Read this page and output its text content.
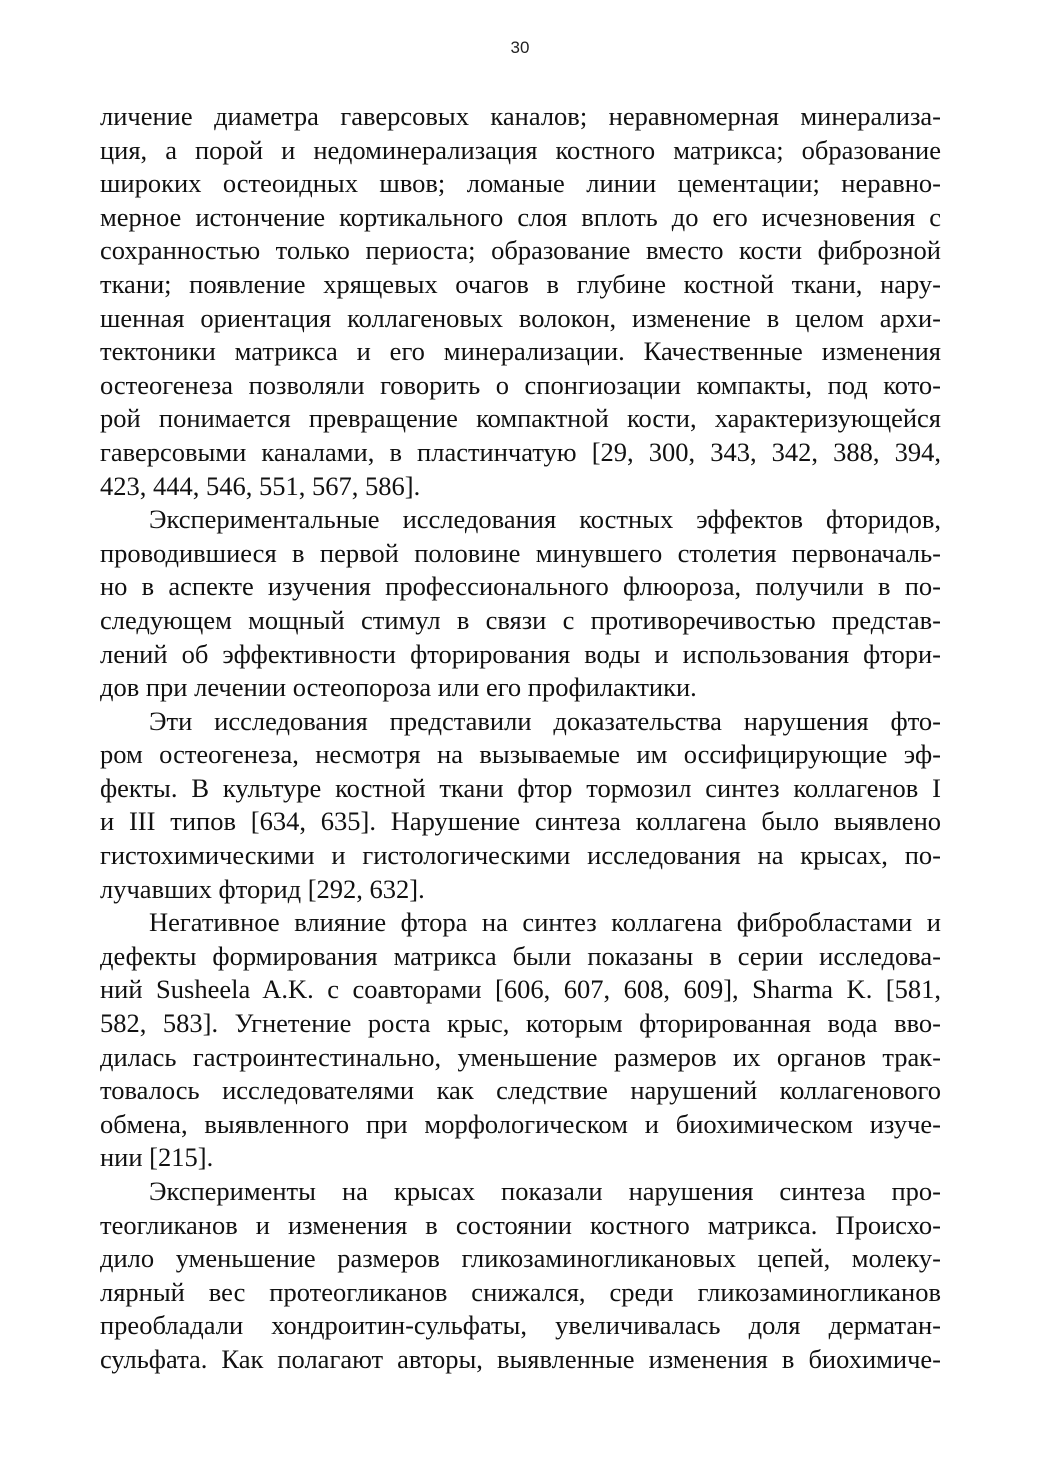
30
личение диаметра гаверсовых каналов; неравномерная минерализа-
ция, а порой и недоминерализация костного матрикса; образование
широких остеоидных швов; ломаные линии цементации; неравно-
мерное истончение кортикального слоя вплоть до его исчезновения с
сохранностью только периоста; образование вместо кости фиброзной
ткани; появление хрящевых очагов в глубине костной ткани, нару-
шенная ориентация коллагеновых волокон, изменение в целом архи-
тектоники матрикса и его минерализации. Качественные изменения
остеогенеза позволяли говорить о спонгиозации компакты, под кото-
рой понимается превращение компактной кости, характеризующейся
гаверсовыми каналами, в пластинчатую [29, 300, 343, 342, 388, 394,
423, 444, 546, 551, 567, 586].
Экспериментальные исследования костных эффектов фторидов,
проводившиеся в первой половине минувшего столетия первоначаль-
но в аспекте изучения профессионального флюороза, получили в по-
следующем мощный стимул в связи с противоречивостью представ-
лений об эффективности фторирования воды и использования фтори-
дов при лечении остеопороза или его профилактики.
Эти исследования представили доказательства нарушения фто-
ром остеогенеза, несмотря на вызываемые им оссифицирующие эф-
фекты. В культуре костной ткани фтор тормозил синтез коллагенов I
и III типов [634, 635]. Нарушение синтеза коллагена было выявлено
гистохимическими и гистологическими исследования на крысах, по-
лучавших фторид [292, 632].
Негативное влияние фтора на синтез коллагена фибробластами и
дефекты формирования матрикса были показаны в серии исследова-
ний Susheela A.K. с соавторами [606, 607, 608, 609], Sharma K. [581,
582, 583]. Угнетение роста крыс, которым фторированная вода вво-
дилась гастроинтестинально, уменьшение размеров их органов трак-
товалось исследователями как следствие нарушений коллагенового
обмена, выявленного при морфологическом и биохимическом изуче-
нии [215].
Эксперименты на крысах показали нарушения синтеза про-
теогликанов и изменения в состоянии костного матрикса. Происхо-
дило уменьшение размеров гликозаминогликановых цепей, молеку-
лярный вес протеогликанов снижался, среди гликозаминогликанов
преобладали хондроитин-сульфаты, увеличивалась доля дерматан-
сульфата. Как полагают авторы, выявленные изменения в биохимиче-
